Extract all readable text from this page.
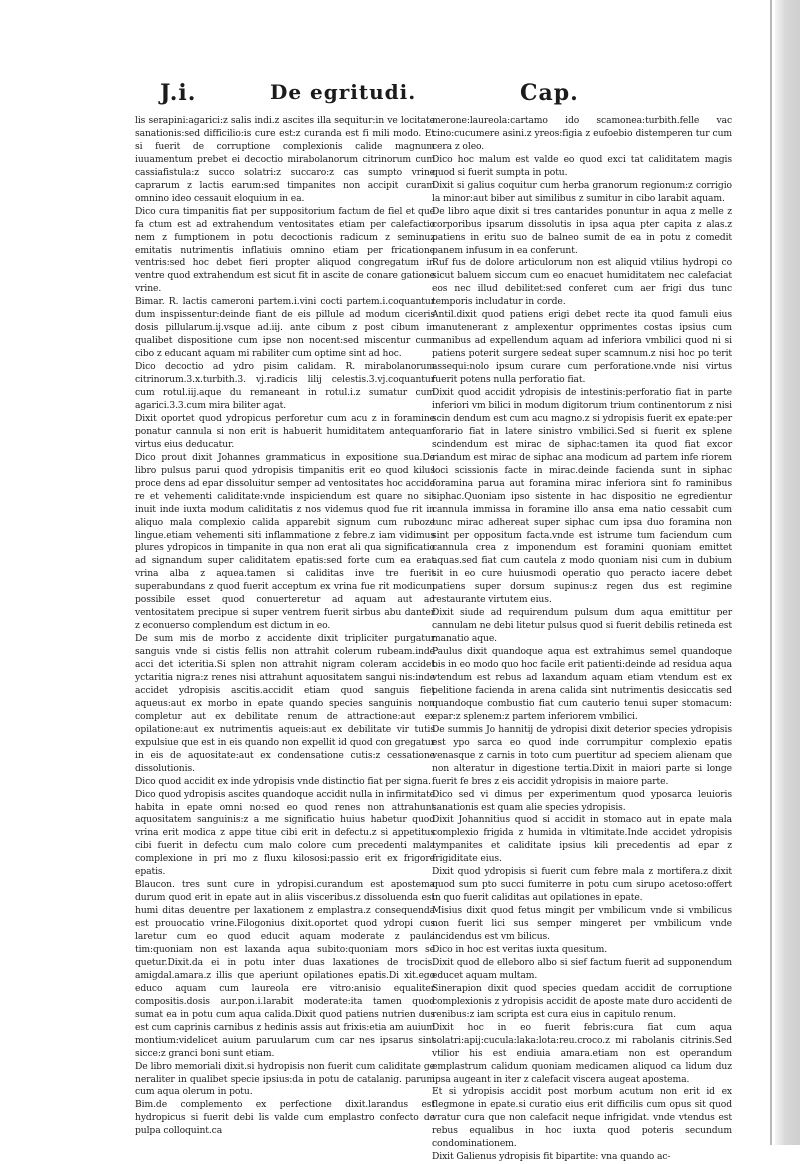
J.i.	De egritudi.	Cap.

lis serapini:agarici:z salis indi.z ascites illa sequitur:in ve locitate sanationis:sed difficilio:is cure est:z curanda est fi mili modo. Et si fuerit de corruptione complexionis calide magnum iuuamentum prebet ei decoctio mirabolanorum citrinorum cum cassiafistula:z succo solatri:z succaro:z cas sumpto vrine caprarum z lactis earum:sed timpanites non accipit curam omnino ideo cessauit eloquium in ea.

Dico cura timpanitis fiat per suppositorium factum de fiel et que fa ctum est ad extrahendum ventositates etiam per calefactio nem z fumptionem in potu decoctionis radicum z seminuz emitatis nutrimentis inflatiuis omnino etiam per fricatione ventris:sed hoc debet fieri propter aliquod congregatum in ventre quod extrahendum est sicut fit in ascite de conare gatione vrine.

Bimar. R. lactis cameroni partem.i.vini cocti partem.i.coquantur dum inspissentur:deinde fiant de eis pillule ad modum ciceris dosis pillularum.ij.vsque ad.iij. ante cibum z post cibum in qualibet dispositione cum ipse non nocent:sed miscentur cum cibo z educant aquam mi rabiliter cum optime sint ad hoc.

Dico decoctio ad ydro pisim calidam. R. mirabolanorum citrinorum.3.x.turbith.3. vj.radicis lilij celestis.3.vj.coquantur cum rotul.iij.aque du remaneant in rotul.i.z sumatur cum agarici.3.3.cum mira biliter agat.

Dixit oportet quod ydropicus perforetur cum acu z in foramine ponatur cannula si non erit is habuerit humiditatem antequam virtus eius deducatur.

Dico prout dixit Johannes grammaticus in expositione sua.De libro pulsus parui quod ydropisis timpanitis erit eo quod kilus proce dens ad epar dissoluitur semper ad ventositates hoc accide re et vehementi caliditate:vnde inspiciendum est quare no sit inuit inde iuxta modum caliditatis z nos videmus quod fue rit in aliquo mala complexio calida apparebit signum cum ruboze lingue.etiam vehementi siti inflammatione z febre.z iam vidimus plures ydropicos in timpanite in qua non erat ali qua significatio ad signandum super caliditatem epatis:sed forte cum ea erat vrina alba z aquea.tamen si caliditas inve tre fuerit superabundans z quod fuerit acceptum ex vrina fue rit modicum possibile esset quod conuerteretur ad aquam aut ad ventositatem precipue si super ventrem fuerit sirbus abu danter z econuerso complendum est dictum in eo.

De sum mis de morbo z accidente dixit tripliciter purgatur sanguis vnde si cistis fellis non attrahit colerum rubeam.inde acci det icteritia.Si splen non attrahit nigram coleram accidet yctaritia nigra:z renes nisi attrahunt aquositatem sangui nis:inde accidet ydropisis ascitis.accidit etiam quod sanguis fiet aqueus:aut ex morbo in epate quando species sanguinis non completur aut ex debilitate renum de attractione:aut ex opilatione:aut ex nutrimentis aqueis:aut ex debilitate vir tutis expulsiue que est in eis quando non expellit id quod con gregatur in eis de aquositate:aut ex condensatione cutis:z cessatione dissolutionis.

Dico quod accidit ex inde ydropisis vnde distinctio fiat per signa.

Dico quod ydropisis ascites quandoque accidit nulla in infirmitate habita in epate omni no:sed eo quod renes non attrahunt aquositatem sanguinis:z a me significatio huius habetur quod vrina erit modica z appe titue cibi erit in defectu.z si appetitus cibi fuerit in defectu cum malo colore cum precedenti mala complexione in pri mo z fluxu kilososi:passio erit ex frigore epatis.

Blaucon. tres sunt cure in ydropisi.curandum est apostema durum quod erit in epate aut in aliis visceribus.z dissoluenda est humi ditas deuentre per laxationem z emplastra.z consequenda est prouocatio vrine.Filogonius dixit.oportet quod ydropi cus laretur cum eo quod educit aquam moderate z paula tim:quoniam non est laxanda aqua subito:quoniam mors se quetur.Dixit.da ei in potu inter duas laxationes de trocis. amigdal.amara.z illis que aperiunt opilationes epatis.Di xit.ego educo aquam cum laureola ere vitro:anisio equaliter compositis.dosis aur.pon.i.larabit moderate:ita tamen quod sumat ea in potu cum aqua calida.Dixit quod patiens nutrien dus est cum caprinis carnibus z hedinis assis aut frixis:etia am auium montium:videlicet auium paruularum cum car nes ipsarus sint sicce:z granci boni sunt etiam.

De libro memoriali dixit.si hydropisis non fuerit cum caliditate ge neraliter in qualibet specie ipsius:da in potu de catalanig. parum cum aqua olerum in potu.

Bim.de complemento ex perfectione dixit.larandus est hydropicus si fuerit debi lis valde cum emplastro confecto de pulpa colloquint.ca

merone:laureola:cartamo ido scamonea:turbith.felle vac cino:cucumere asini.z yreos:figia z eufoebio distemperen tur cum cera z oleo.

Dico hoc malum est valde eo quod exci tat caliditatem magis quod si fuerit sumpta in potu.

Dixit si galius coquitur cum herba granorum regionum:z corrigio la minor:aut biber aut similibus z sumitur in cibo larabit aquam.

De libro aque dixit si tres cantarides ponuntur in aqua z melle z corporibus ipsarum dissolutis in ipsa aqua pter capita z alas.z patiens in eritu suo de balneo sumit de ea in potu z comedit panem infusum in ea conferunt.

Ruf fus de dolore articulorum non est aliquid vtilius hydropi co sicut baluem siccum cum eo enacuet humiditatem nec calefaciat eos nec illud debilitet:sed conferet cum aer frigi dus tunc temporis includatur in corde.

Antil.dixit quod patiens erigi debet recte ita quod famuli eius manutenerant z amplexentur opprimentes costas ipsius cum manibus ad expellendum aquam ad inferiora vmbilici quod ni si patiens poterit surgere sedeat super scamnum.z nisi hoc po terit assequi:nolo ipsum curare cum perforatione.vnde nisi virtus fuerit potens nulla perforatio fiat.

Dixit quod accidit ydropisis de intestinis:perforatio fiat in parte inferiori vm bilici in modum digitorum trium continentorum z nisi scin dendum est cum acu magno.z si ydropisis fuerit ex epate:per forario fiat in latere sinistro vmbilici.Sed si fuerit ex splene scindendum est mirac de siphac:tamen ita quod fiat excor riandum est mirac de siphac ana modicum ad partem infe riorem loci scissionis facte in mirac.deinde facienda sunt in siphac foramina parua aut foramina mirac inferiora sint fo raminibus siphac.Quoniam ipso sistente in hac dispositio ne egredientur cannula immissa in foramine illo ansa ema natio cessabit cum tunc mirac adhereat super siphac cum ipsa duo foramina non sint per oppositum facta.vnde est istrume tum faciendum cum cannula crea z imponendum est foramini quoniam emittet aquas.sed fiat cum cautela z modo quoniam nisi cum in dubium sit in eo cure huiusmodi operatio quo peracto iacere debet patiens super dorsum supinus:z regen dus est regimine restaurante virtutem eius.

Dixit siude ad requirendum pulsum dum aqua emittitur per cannulam ne debi litetur pulsus quod si fuerit debilis retineda est manatio aque.

Paulus dixit quandoque aqua est extrahimus semel quandoque bis in eo modo quo hoc facile erit patienti:deinde ad residua aqua vtendum est rebus ad laxandum aquam etiam vtendum est ex pelitione facienda in arena calida sint nutrimentis desiccatis sed quandoque combustio fiat cum cauterio tenui super stomacum: epar:z splenem:z partem inferiorem vmbilici.

De summis Jo hannitij de ydropisi dixit deterior species ydropisis est ypo sarca eo quod inde corrumpitur complexio epatis venasque z carnis in toto cum puertitur ad speciem alienam que non alteratur in digestione tertia.Dixit in maiori parte si longe fuerit fe bres z eis accidit ydropisis in maiore parte.

Dico sed vi dimus per experimentum quod yposarca leuioris sanationis est quam alie species ydropisis.

Dixit Johannitius quod si accidit in stomaco aut in epate mala complexio frigida z humida in vltimitate.Inde accidet ydropisis tympanites et caliditate ipsius kili precedentis ad epar z frigiditate eius.

Dixit quod ydropisis si fuerit cum febre mala z mortifera.z dixit quod sum pto succi fumiterre in potu cum sirupo acetoso:offert in quo fuerit caliditas aut opilationes in epate.

Misius dixit quod fetus mingit per vmbilicum vnde si vmbilicus non fuerit lici sus semper mingeret per vmbilicum vnde incidendus est vm bilicus.

Dico in hoc est veritas iuxta quesitum.

Dixit quod de elleboro albo si sief factum fuerit ad supponendum educet aquam multam.

Sinerapion dixit quod species quedam accidit de corruptione complexionis z ydropisis accidit de aposte mate duro accidenti de renibus:z iam scripta est cura eius in capitulo renum.

Dixit hoc in eo fuerit febris:cura fiat cum aqua solatri:apij:cucula:laka:lota:reu.croco.z mi rabolanis citrinis.Sed vtilior his est endiuia amara.etiam non est operandum emplastrum calidum quoniam medicamen aliquod ca lidum duz ipsa augeant in iter z calefacit viscera augeat apostema.

Et si ydropisis accidit post morbum acutum non erit id ex flegmone in epate.si curatio eius erit difficilis cum opus sit quod vratur cura que non calefacit neque infrigidat. vnde vtendus est rebus equalibus in hoc iuxta quod poteris secundum condominationem.

Dixit Galienus ydropisis fit bipartite: vna quando ac-
